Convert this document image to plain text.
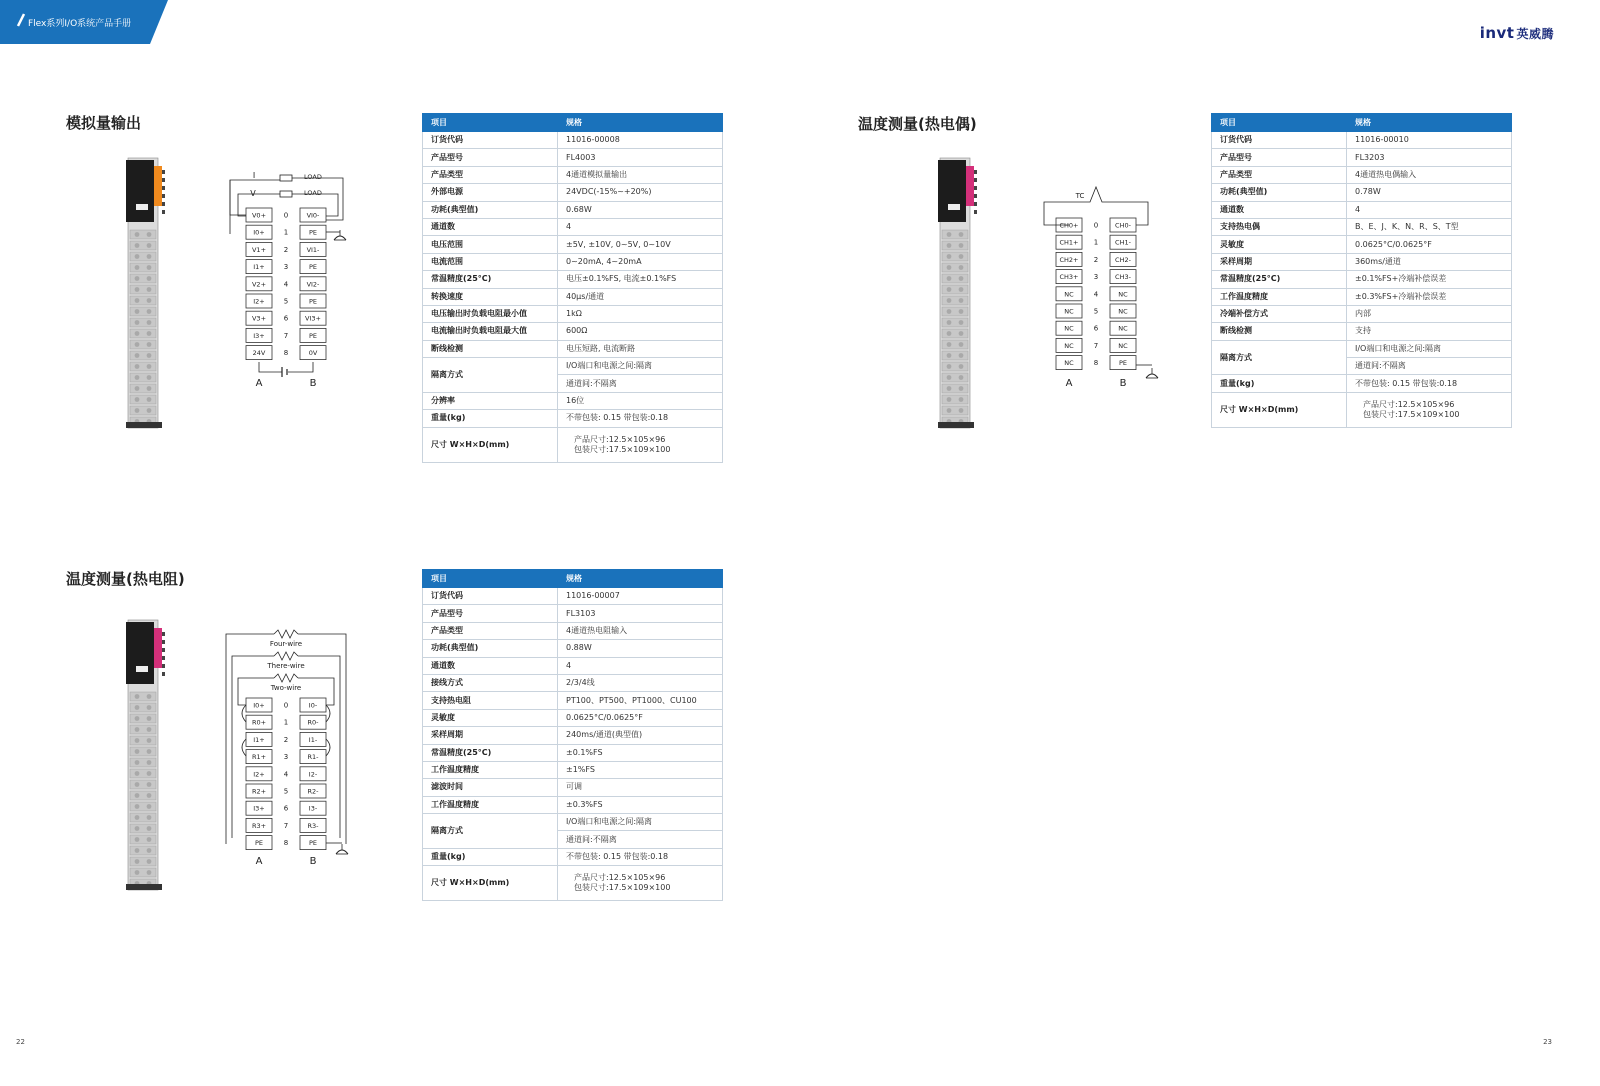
Flex系列I/O系统产品手册	invt 英威腾
模拟量输出	温度测量(热电偶)
温度测量(热电阻)
V0+	0	VI0-
I0+	1	PE
V1+	2	VI1-
I1+	3	PE
V2+	4	VI2-
I2+	5	PE
V3+	6	VI3+
I3+	7	PE
24V	8	0V
I
V
LOAD
LOAD
A	B
CH0+ 0	CH0-
CH1+ 1	CH1-
CH2+ 2	CH2-
CH3+ 3	CH3-
NC	4	NC
NC	5	NC
NC	6	NC
NC	7	NC
NC	8	PE
TC
A	B
I0+	0	I0-
R0+	1	R0-
I1+	2	I1-
R1+	3	R1-
I2+	4	I2-
R2+	5	R2-
I3+	6	I3-
R3+	7	R3-
PE	8	PE
Four-wire
There-wire
Two-wire
A	B
项目	规格
订货代码	11016-00008
产品型号	FL4003
产品类型	4通道模拟量输出
外部电源	24VDC(-15%~+20%)
功耗(典型值)	0.68W
通道数	4
电压范围	±5V, ±10V, 0~5V, 0~10V
电流范围	0~20mA, 4~20mA
常温精度(25°C)	电压±0.1%FS, 电流±0.1%FS
转换速度	40μs/通道
电压输出时负载电阻最小值	1kΩ
电流输出时负载电阻最大值	600Ω
断线检测	电压短路, 电流断路
隔离方式	I/O端口和电源之间:隔离
	通道间:不隔离
分辨率	16位
重量(kg)	不带包装: 0.15 带包装:0.18
尺寸 W×H×D(mm)	产品尺寸:12.5×105×96
包装尺寸:17.5×109×100
项目	规格
订货代码	11016-00010
产品型号	FL3203
产品类型	4通道热电偶输入
功耗(典型值)	0.78W
通道数	4
支持热电偶	B、E、J、K、N、R、S、T型
灵敏度	0.0625°C/0.0625°F
采样周期	360ms/通道
常温精度(25°C)	±0.1%FS+冷端补偿误差
工作温度精度	±0.3%FS+冷端补偿误差
冷端补偿方式	内部
断线检测	支持
隔离方式	I/O端口和电源之间:隔离
	通道间:不隔离
重量(kg)	不带包装: 0.15 带包装:0.18
尺寸 W×H×D(mm)	产品尺寸:12.5×105×96
包装尺寸:17.5×109×100
项目	规格
订货代码	11016-00007
产品型号	FL3103
产品类型	4通道热电阻输入
功耗(典型值)	0.88W
通道数	4
接线方式	2/3/4线
支持热电阻	PT100、PT500、PT1000、CU100
灵敏度	0.0625°C/0.0625°F
采样周期	240ms/通道(典型值)
常温精度(25°C)	±0.1%FS
工作温度精度	±1%FS
滤波时间	可调
工作温度精度	±0.3%FS
隔离方式	I/O端口和电源之间:隔离
	通道间:不隔离
重量(kg)	不带包装: 0.15 带包装:0.18
尺寸 W×H×D(mm)	产品尺寸:12.5×105×96
包装尺寸:17.5×109×100
22	23
